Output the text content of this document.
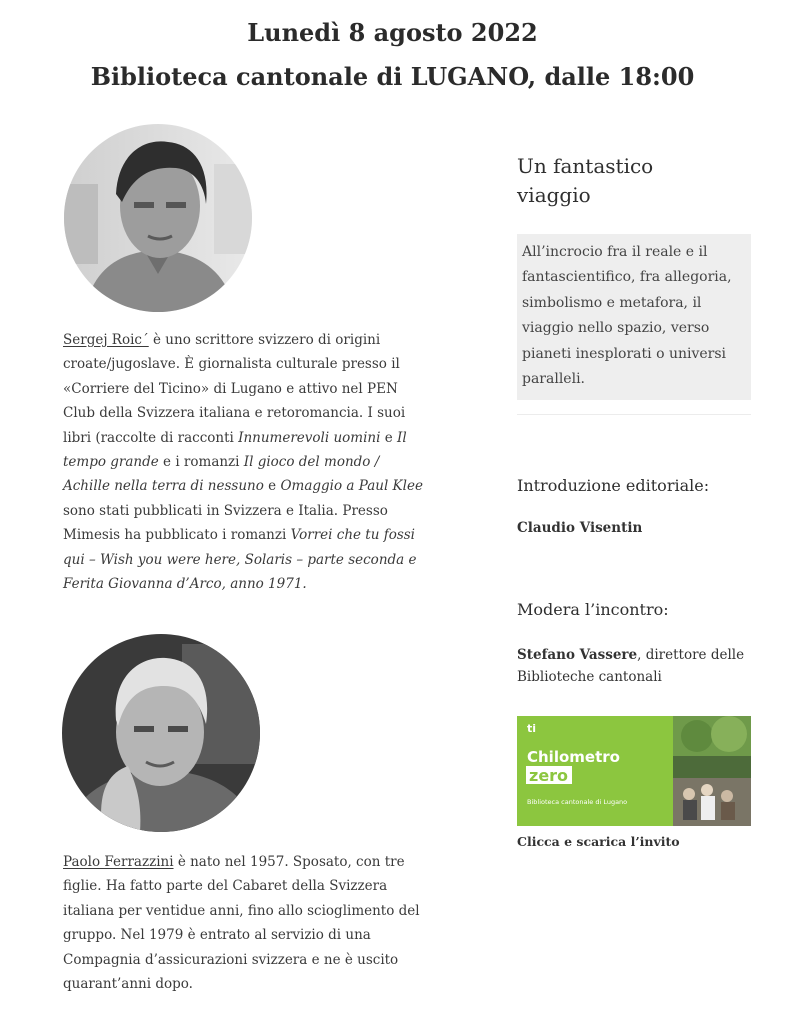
Lunedì 8 agosto 2022
Biblioteca cantonale di LUGANO, dalle 18:00

Sergej Roic´ è uno scrittore svizzero di origini croate/jugoslave. È giornalista culturale presso il «Corriere del Ticino» di Lugano e attivo nel PEN Club della Svizzera italiana e retoromancia. I suoi libri (raccolte di racconti Innumerevoli uomini e Il tempo grande e i romanzi Il gioco del mondo / Achille nella terra di nessuno e Omaggio a Paul Klee sono stati pubblicati in Svizzera e Italia. Presso Mimesis ha pubblicato i romanzi Vorrei che tu fossi qui – Wish you were here, Solaris – parte seconda e Ferita Giovanna d’Arco, anno 1971.

Paolo Ferrazzini è nato nel 1957. Sposato, con tre figlie. Ha fatto parte del Cabaret della Svizzera italiana per ventidue anni, fino allo scioglimento del gruppo. Nel 1979 è entrato al servizio di una Compagnia d’assicurazioni svizzera e ne è uscito quarant’anni dopo.

Un fantastico viaggio
All’incrocio fra il reale e il fantascientifico, fra allegoria, simbolismo e metafora, il viaggio nello spazio, verso pianeti inesplorati o universi paralleli.
Introduzione editoriale:
Claudio Visentin
Modera l’incontro:
Stefano Vassere, direttore delle Biblioteche cantonali
ti
Chilometro
zero
Biblioteca cantonale di Lugano
Clicca e scarica l’invito
